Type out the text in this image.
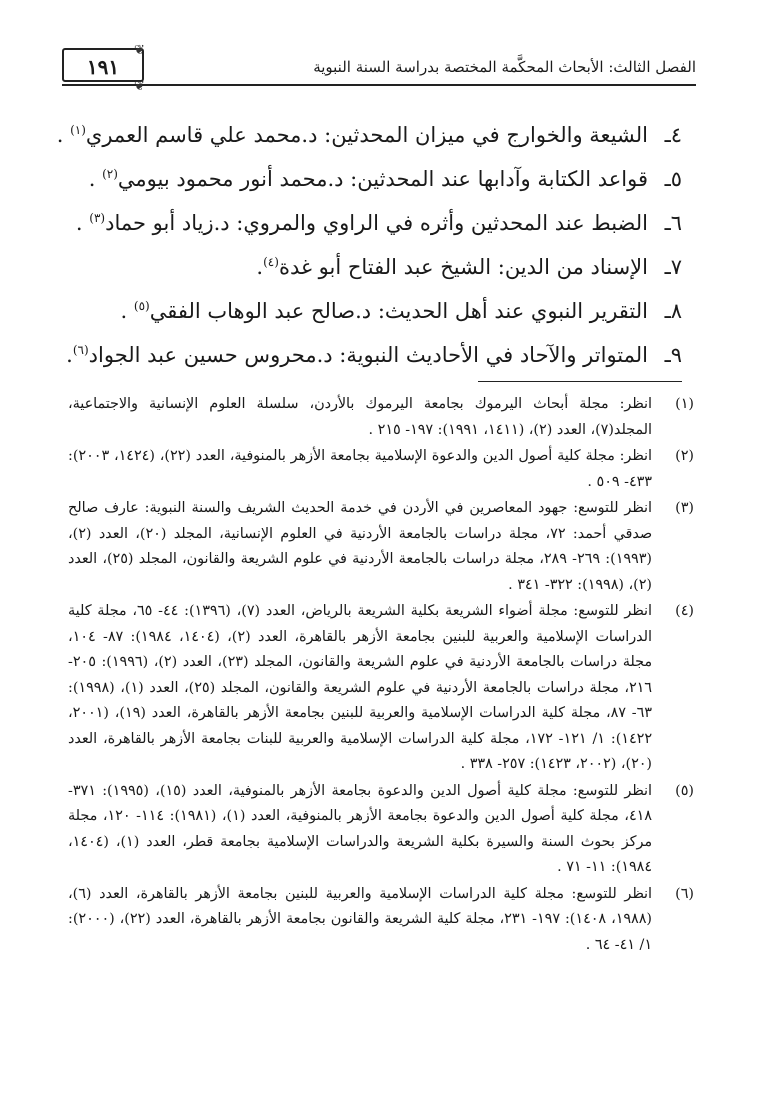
الفصل الثالث: الأبحاث المحكَّمة المختصة بدراسة السنة النبوية
١٩١
❦
❦
٤ـ
الشيعة والخوارج في ميزان المحدثين: د.محمد علي قاسم العمري$^{(١)}$ .
٥ـ
قواعد الكتابة وآدابها عند المحدثين: د.محمد أنور محمود بيومي$^{(٢)}$ .
٦ـ
الضبط عند المحدثين وأثره في الراوي والمروي: د.زياد أبو حماد$^{(٣)}$ .
٧ـ
الإسناد من الدين: الشيخ عبد الفتاح أبو غدة$^{(٤)}$.
٨ـ
التقرير النبوي عند أهل الحديث: د.صالح عبد الوهاب الفقي$^{(٥)}$ .
٩ـ
المتواتر والآحاد في الأحاديث النبوية: د.محروس حسين عبد الجواد$^{(٦)}$.
(١)
انظر: مجلة أبحاث اليرموك بجامعة اليرموك بالأردن، سلسلة العلوم الإنسانية والاجتماعية، المجلد(٧)، العدد (٢)، (١٤١١، ١٩٩١): ١٩٧- ٢١٥ .
(٢)
انظر: مجلة كلية أصول الدين والدعوة الإسلامية بجامعة الأزهر بالمنوفية، العدد (٢٢)، (١٤٢٤، ٢٠٠٣): ٤٣٣- ٥٠٩ .
(٣)
انظر للتوسع: جهود المعاصرين في الأردن في خدمة الحديث الشريف والسنة النبوية: عارف صالح صدقي أحمد: ٧٢، مجلة دراسات بالجامعة الأردنية في العلوم الإنسانية، المجلد (٢٠)، العدد (٢)، (١٩٩٣): ٢٦٩- ٢٨٩، مجلة دراسات بالجامعة الأردنية في علوم الشريعة والقانون، المجلد (٢٥)، العدد (٢)، (١٩٩٨): ٣٢٢- ٣٤١ .
(٤)
انظر للتوسع: مجلة أضواء الشريعة بكلية الشريعة بالرياض، العدد (٧)، (١٣٩٦): ٤٤- ٦٥، مجلة كلية الدراسات الإسلامية والعربية للبنين بجامعة الأزهر بالقاهرة، العدد (٢)، (١٤٠٤، ١٩٨٤): ٨٧- ١٠٤، مجلة دراسات بالجامعة الأردنية في علوم الشريعة والقانون، المجلد (٢٣)، العدد (٢)، (١٩٩٦): ٢٠٥- ٢١٦، مجلة دراسات بالجامعة الأردنية في علوم الشريعة والقانون، المجلد (٢٥)، العدد (١)، (١٩٩٨): ٦٣- ٨٧، مجلة كلية الدراسات الإسلامية والعربية للبنين بجامعة الأزهر بالقاهرة، العدد (١٩)، (٢٠٠١، ١٤٢٢): ١/ ١٢١- ١٧٢، مجلة كلية الدراسات الإسلامية والعربية للبنات بجامعة الأزهر بالقاهرة، العدد (٢٠)، (٢٠٠٢، ١٤٢٣): ٢٥٧- ٣٣٨ .
(٥)
انظر للتوسع: مجلة كلية أصول الدين والدعوة بجامعة الأزهر بالمنوفية، العدد (١٥)، (١٩٩٥): ٣٧١- ٤١٨، مجلة كلية أصول الدين والدعوة بجامعة الأزهر بالمنوفية، العدد (١)، (١٩٨١): ١١٤- ١٢٠، مجلة مركز بحوث السنة والسيرة بكلية الشريعة والدراسات الإسلامية بجامعة قطر، العدد (١)، (١٤٠٤، ١٩٨٤): ١١- ٧١ .
(٦)
انظر للتوسع: مجلة كلية الدراسات الإسلامية والعربية للبنين بجامعة الأزهر بالقاهرة، العدد (٦)، (١٩٨٨، ١٤٠٨): ١٩٧- ٢٣١، مجلة كلية الشريعة والقانون بجامعة الأزهر بالقاهرة، العدد (٢٢)، (٢٠٠٠): ١/ ٤١- ٦٤ .
